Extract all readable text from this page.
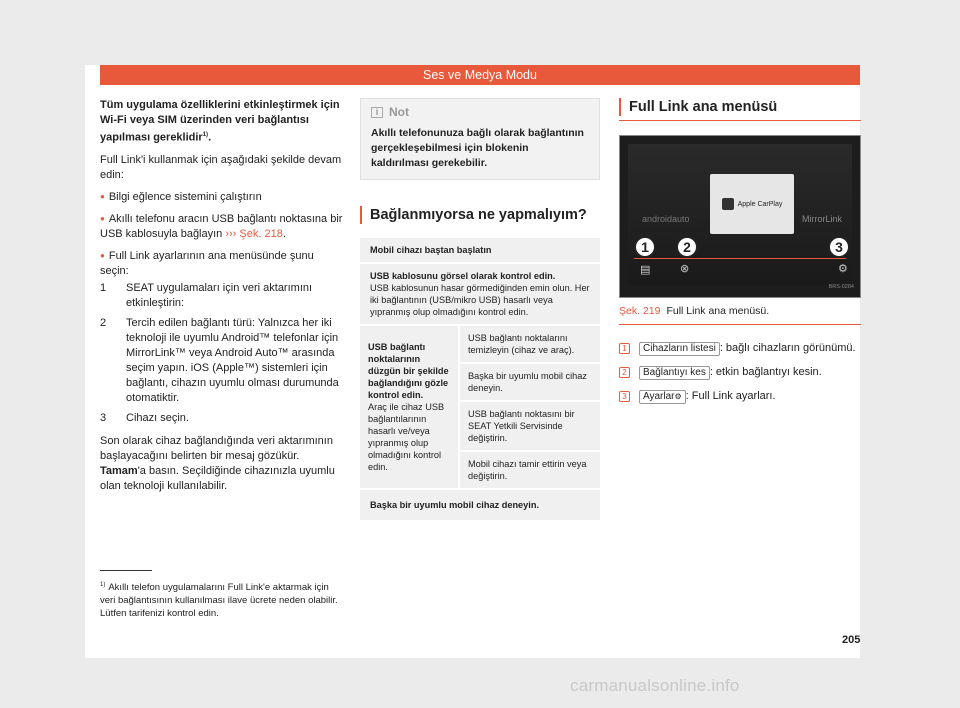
Ses ve Medya Modu

Tüm uygulama özelliklerini etkinleştirmek için Wi-Fi veya SIM üzerinden veri bağlantısı yapılması gereklidir$^{1)}$.

Full Link'i kullanmak için aşağıdaki şekilde devam edin:

● Bilgi eğlence sistemini çalıştırın

● Akıllı telefonu aracın USB bağlantı noktasına bir USB kablosuyla bağlayın ››› Şek. 218.

● Full Link ayarlarının ana menüsünde şunu seçin:

1	SEAT uygulamaları için veri aktarımını etkinleştirin:
2	Tercih edilen bağlantı türü: Yalnızca her iki teknoloji ile uyumlu Android™ telefonlar için MirrorLink™ veya Android Auto™ arasında seçim yapın. iOS (Apple™) sistemleri için bağlantı, cihazın uyumlu olması durumunda otomatiktir.
3	Cihazı seçin.

Son olarak cihaz bağlandığında veri aktarımının başlayacağını belirten bir mesaj gözükür. Tamam'a basın. Seçildiğinde cihazınızla uyumlu olan teknoloji kullanılabilir.

i Not
Akıllı telefonunuza bağlı olarak bağlantının gerçekleşebilmesi için blokenin kaldırılması gerekebilir.
Bağlanmıyorsa ne yapmalıyım?
Mobil cihazı baştan başlatın
USB kablosunu görsel olarak kontrol edin.
USB kablosunun hasar görmediğinden emin olun. Her iki bağlantının (USB/mikro USB) hasarlı veya yıpranmış olup olmadığını kontrol edin.
USB bağlantı noktalarının düzgün bir şekilde bağlandığını gözle kontrol edin.
Araç ile cihaz USB bağlantılarının hasarlı ve/veya yıpranmış olup olmadığını kontrol edin.
USB bağlantı noktalarını temizleyin (cihaz ve araç).
Başka bir uyumlu mobil cihaz deneyin.
USB bağlantı noktasını bir SEAT Yetkili Servisinde değiştirin.
Mobil cihazı tamir ettirin veya değiştirin.
Başka bir uyumlu mobil cihaz deneyin.
Full Link ana menüsü
Apple CarPlay
androidauto	MirrorLink
1	2	3
▤	⊗	⚙
BRS-0284
Şek. 219 Full Link ana menüsü.
1	Cihazların listesi : bağlı cihazların görünümü.
2	Bağlantıyı kes : etkin bağlantıyı kesin.
3	Ayarlar⚙ : Full Link ayarları.
$^{1)}$ Akıllı telefon uygulamalarını Full Link'e aktarmak için veri bağlantısının kullanılması ilave ücrete neden olabilir. Lütfen tarifenizi kontrol edin.
205
carmanualsonline.info
